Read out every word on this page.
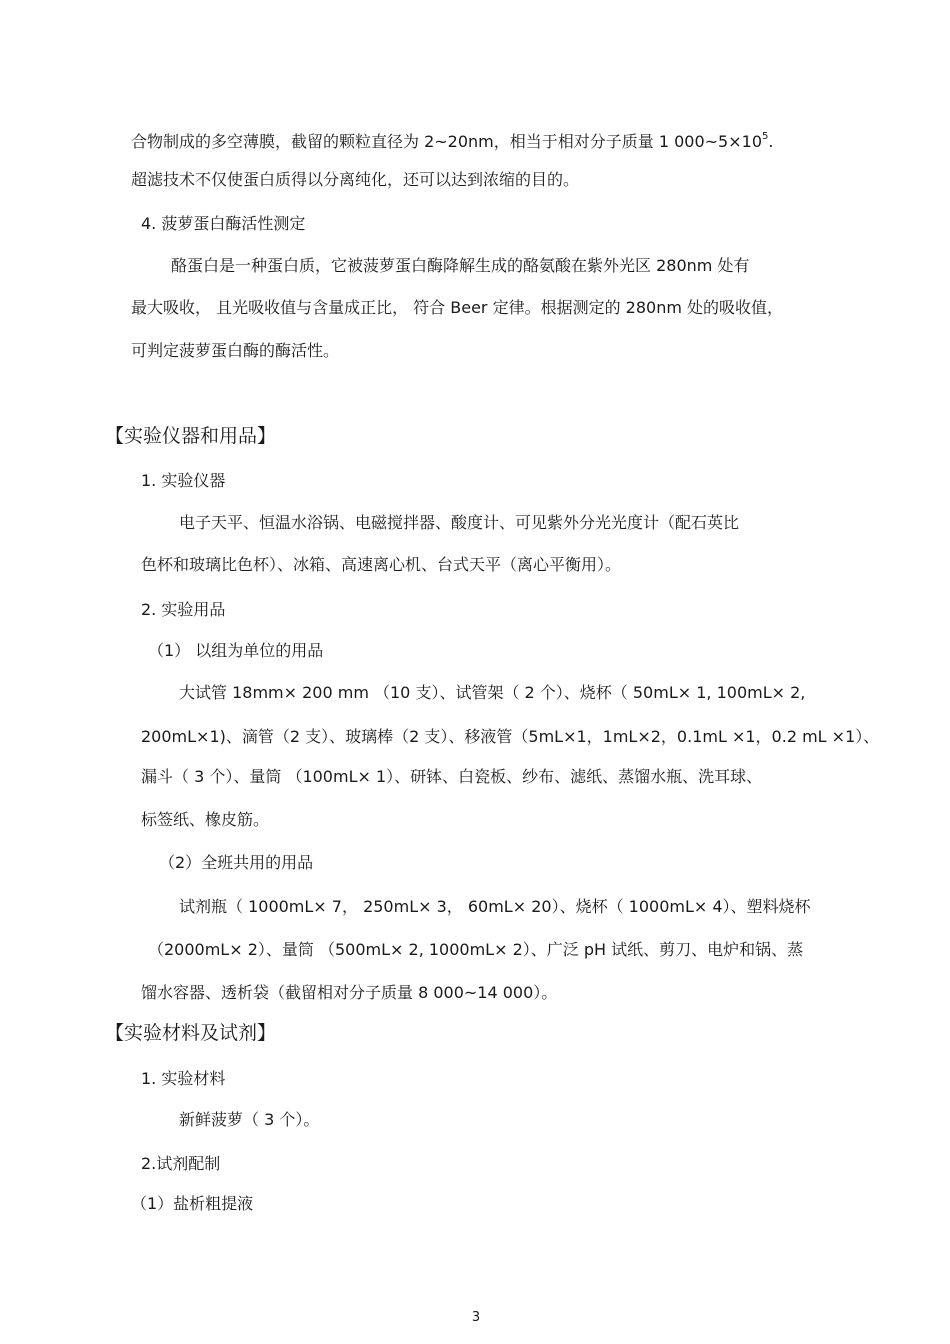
合物制成的多空薄膜，截留的颗粒直径为 2~20nm，相当于相对分子质量 1 $000\sim 5\times 10^5$.
超滤技术不仅使蛋白质得以分离纯化，还可以达到浓缩的目的。
4. 菠萝蛋白酶活性测定
酪蛋白是一种蛋白质，它被菠萝蛋白酶降解生成的酪氨酸在紫外光区 280nm 处有
最大吸收， 且光吸收值与含量成正比， 符合 Beer 定律。根据测定的 280nm 处的吸收值，
可判定菠萝蛋白酶的酶活性。
【实验仪器和用品】
1. 实验仪器
电子天平、恒温水浴锅、电磁搅拌器、酸度计、可见紫外分光光度计（配石英比
色杯和玻璃比色杯）、冰箱、高速离心机、台式天平（离心平衡用）。
2. 实验用品
（1） 以组为单位的用品
大试管 18mm× 200 mm （10 支）、试管架（ 2 个）、烧杯（ 50mL× 1, 100mL× 2,
200mL×1)、滴管（2 支）、玻璃棒（2 支）、移液管（5mL×1，1mL×2，0.1mL ×1，0.2 mL ×1）、
漏斗（ 3 个）、量筒 （100mL× 1）、研钵、白瓷板、纱布、滤纸、蒸馏水瓶、洗耳球、
标签纸、橡皮筋。
（2）全班共用的用品
试剂瓶（ 1000mL× 7， 250mL× 3， 60mL× 20）、烧杯（ 1000mL× 4）、塑料烧杯
（2000mL× 2）、量筒 （500mL× 2, 1000mL× 2）、广泛 pH 试纸、剪刀、电炉和锅、蒸
馏水容器、透析袋（截留相对分子质量 8 000~14 000）。
【实验材料及试剂】
1. 实验材料
新鲜菠萝（ 3 个）。
2.试剂配制
（1）盐析粗提液
3
